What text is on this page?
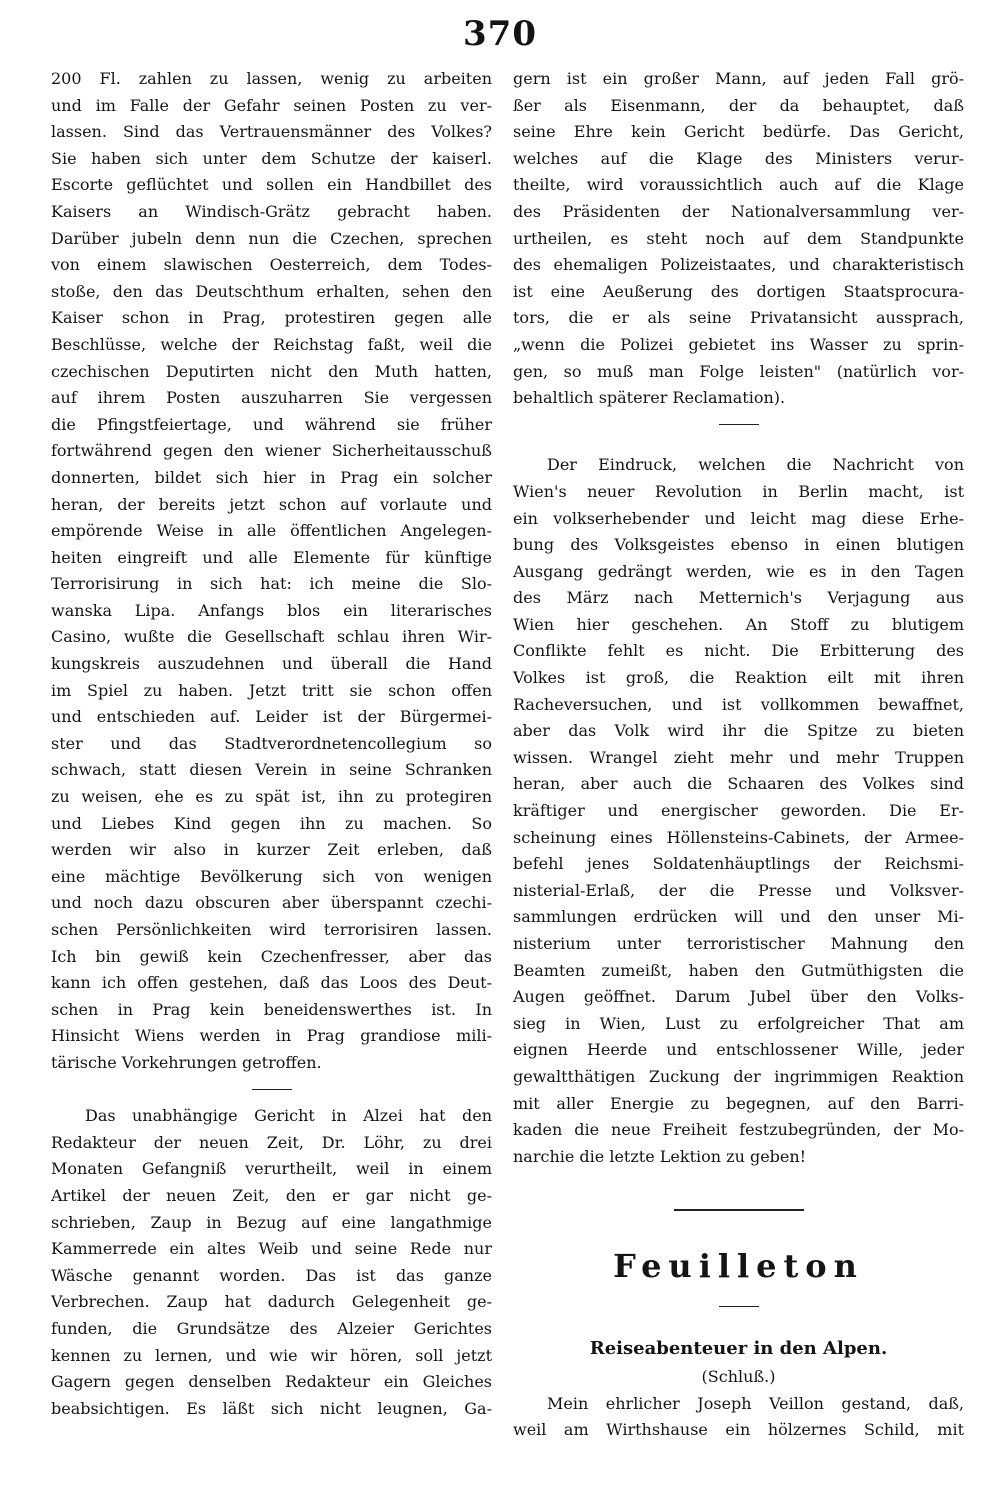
370
200 Fl. zahlen zu lassen, wenig zu arbeiten
und im Falle der Gefahr seinen Posten zu ver-
lassen. Sind das Vertrauensmänner des Volkes?
Sie haben sich unter dem Schutze der kaiserl.
Escorte geflüchtet und sollen ein Handbillet des
Kaisers an Windisch-Grätz gebracht haben.
Darüber jubeln denn nun die Czechen, sprechen
von einem slawischen Oesterreich, dem Todes-
stoße, den das Deutschthum erhalten, sehen den
Kaiser schon in Prag, protestiren gegen alle
Beschlüsse, welche der Reichstag faßt, weil die
czechischen Deputirten nicht den Muth hatten,
auf ihrem Posten auszuharren Sie vergessen
die Pfingstfeiertage, und während sie früher
fortwährend gegen den wiener Sicherheitausschuß
donnerten, bildet sich hier in Prag ein solcher
heran, der bereits jetzt schon auf vorlaute und
empörende Weise in alle öffentlichen Angelegen-
heiten eingreift und alle Elemente für künftige
Terrorisirung in sich hat: ich meine die Slo-
wanska Lipa. Anfangs blos ein literarisches
Casino, wußte die Gesellschaft schlau ihren Wir-
kungskreis auszudehnen und überall die Hand
im Spiel zu haben. Jetzt tritt sie schon offen
und entschieden auf. Leider ist der Bürgermei-
ster und das Stadtverordnetencollegium so
schwach, statt diesen Verein in seine Schranken
zu weisen, ehe es zu spät ist, ihn zu protegiren
und Liebes Kind gegen ihn zu machen. So
werden wir also in kurzer Zeit erleben, daß
eine mächtige Bevölkerung sich von wenigen
und noch dazu obscuren aber überspannt czechi-
schen Persönlichkeiten wird terrorisiren lassen.
Ich bin gewiß kein Czechenfresser, aber das
kann ich offen gestehen, daß das Loos des Deut-
schen in Prag kein beneidenswerthes ist. In
Hinsicht Wiens werden in Prag grandiose mili-
tärische Vorkehrungen getroffen.
Das unabhängige Gericht in Alzei hat den
Redakteur der neuen Zeit, Dr. Löhr, zu drei
Monaten Gefangniß verurtheilt, weil in einem
Artikel der neuen Zeit, den er gar nicht ge-
schrieben, Zaup in Bezug auf eine langathmige
Kammerrede ein altes Weib und seine Rede nur
Wäsche genannt worden. Das ist das ganze
Verbrechen. Zaup hat dadurch Gelegenheit ge-
funden, die Grundsätze des Alzeier Gerichtes
kennen zu lernen, und wie wir hören, soll jetzt
Gagern gegen denselben Redakteur ein Gleiches
beabsichtigen. Es läßt sich nicht leugnen, Ga-
gern ist ein großer Mann, auf jeden Fall grö-
ßer als Eisenmann, der da behauptet, daß
seine Ehre kein Gericht bedürfe. Das Gericht,
welches auf die Klage des Ministers verur-
theilte, wird voraussichtlich auch auf die Klage
des Präsidenten der Nationalversammlung ver-
urtheilen, es steht noch auf dem Standpunkte
des ehemaligen Polizeistaates, und charakteristisch
ist eine Aeußerung des dortigen Staatsprocura-
tors, die er als seine Privatansicht aussprach,
„wenn die Polizei gebietet ins Wasser zu sprin-
gen, so muß man Folge leisten" (natürlich vor-
behaltlich späterer Reclamation).
Der Eindruck, welchen die Nachricht von
Wien's neuer Revolution in Berlin macht, ist
ein volkserhebender und leicht mag diese Erhe-
bung des Volksgeistes ebenso in einen blutigen
Ausgang gedrängt werden, wie es in den Tagen
des März nach Metternich's Verjagung aus
Wien hier geschehen. An Stoff zu blutigem
Conflikte fehlt es nicht. Die Erbitterung des
Volkes ist groß, die Reaktion eilt mit ihren
Racheversuchen, und ist vollkommen bewaffnet,
aber das Volk wird ihr die Spitze zu bieten
wissen. Wrangel zieht mehr und mehr Truppen
heran, aber auch die Schaaren des Volkes sind
kräftiger und energischer geworden. Die Er-
scheinung eines Höllensteins-Cabinets, der Armee-
befehl jenes Soldatenhäuptlings der Reichsmi-
nisterial-Erlaß, der die Presse und Volksver-
sammlungen erdrücken will und den unser Mi-
nisterium unter terroristischer Mahnung den
Beamten zumeißt, haben den Gutmüthigsten die
Augen geöffnet. Darum Jubel über den Volks-
sieg in Wien, Lust zu erfolgreicher That am
eignen Heerde und entschlossener Wille, jeder
gewaltthätigen Zuckung der ingrimmigen Reaktion
mit aller Energie zu begegnen, auf den Barri-
kaden die neue Freiheit festzubegründen, der Mo-
narchie die letzte Lektion zu geben!
Feuilleton
Reiseabenteuer in den Alpen.
(Schluß.)
Mein ehrlicher Joseph Veillon gestand, daß,
weil am Wirthshause ein hölzernes Schild, mit
